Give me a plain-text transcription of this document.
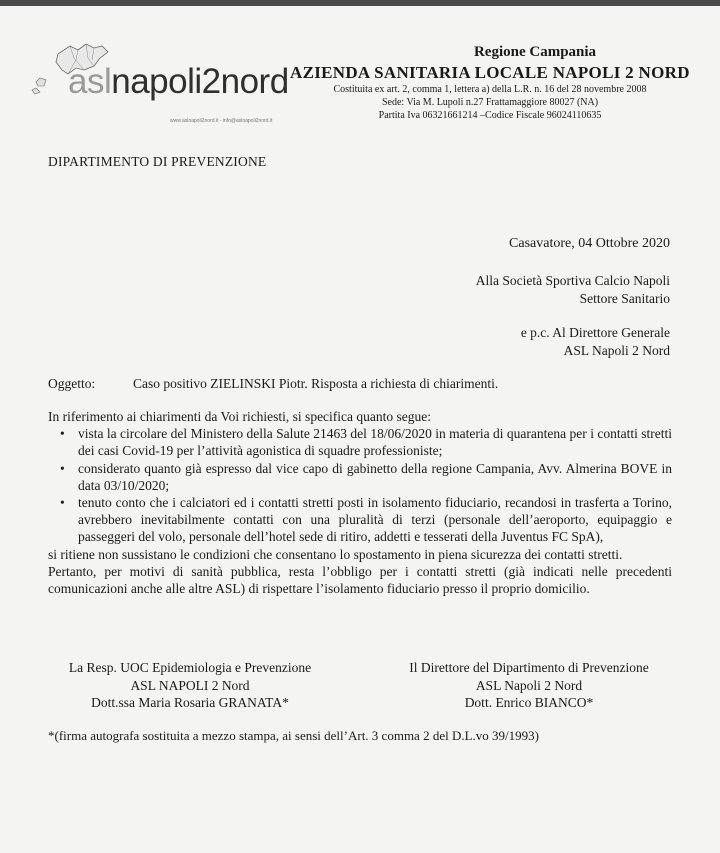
aslnapoli2nord
www.aslnapoli2nord.it - info@aslnapoli2nord.it
Regione Campania
AZIENDA SANITARIA LOCALE NAPOLI 2 NORD
Costituita ex art. 2, comma 1, lettera a) della L.R. n. 16 del 28 novembre 2008
Sede: Via M. Lupoli n.27 Frattamaggiore 80027 (NA)
Partita Iva 06321661214 –Codice Fiscale 96024110635
DIPARTIMENTO DI PREVENZIONE
Casavatore, 04 Ottobre 2020
Alla Società Sportiva Calcio Napoli
Settore Sanitario
e p.c. Al Direttore Generale
ASL Napoli 2 Nord
Oggetto:	Caso positivo ZIELINSKI Piotr. Risposta a richiesta di chiarimenti.

In riferimento ai chiarimenti da Voi richiesti, si specifica quanto segue:

• vista la circolare del Ministero della Salute 21463 del 18/06/2020 in materia di quarantena per i contatti stretti dei casi Covid-19 per l’attività agonistica di squadre professioniste;
• considerato quanto già espresso dal vice capo di gabinetto della regione Campania, Avv. Almerina BOVE in data 03/10/2020;
• tenuto conto che i calciatori ed i contatti stretti posti in isolamento fiduciario, recandosi in trasferta a Torino, avrebbero inevitabilmente contatti con una pluralità di terzi (personale dell’aeroporto, equipaggio e passeggeri del volo, personale dell’hotel sede di ritiro, addetti e tesserati della Juventus FC SpA),

si ritiene non sussistano le condizioni che consentano lo spostamento in piena sicurezza dei contatti stretti.

Pertanto, per motivi di sanità pubblica, resta l’obbligo per i contatti stretti (già indicati nelle precedenti comunicazioni anche alle altre ASL) di rispettare l’isolamento fiduciario presso il proprio domicilio.

La Resp. UOC Epidemiologia e Prevenzione
ASL NAPOLI 2 Nord
Dott.ssa Maria Rosaria GRANATA*
Il Direttore del Dipartimento di Prevenzione
ASL Napoli 2 Nord
Dott. Enrico BIANCO*
*(firma autografa sostituita a mezzo stampa, ai sensi dell’Art. 3 comma 2 del D.L.vo 39/1993)
